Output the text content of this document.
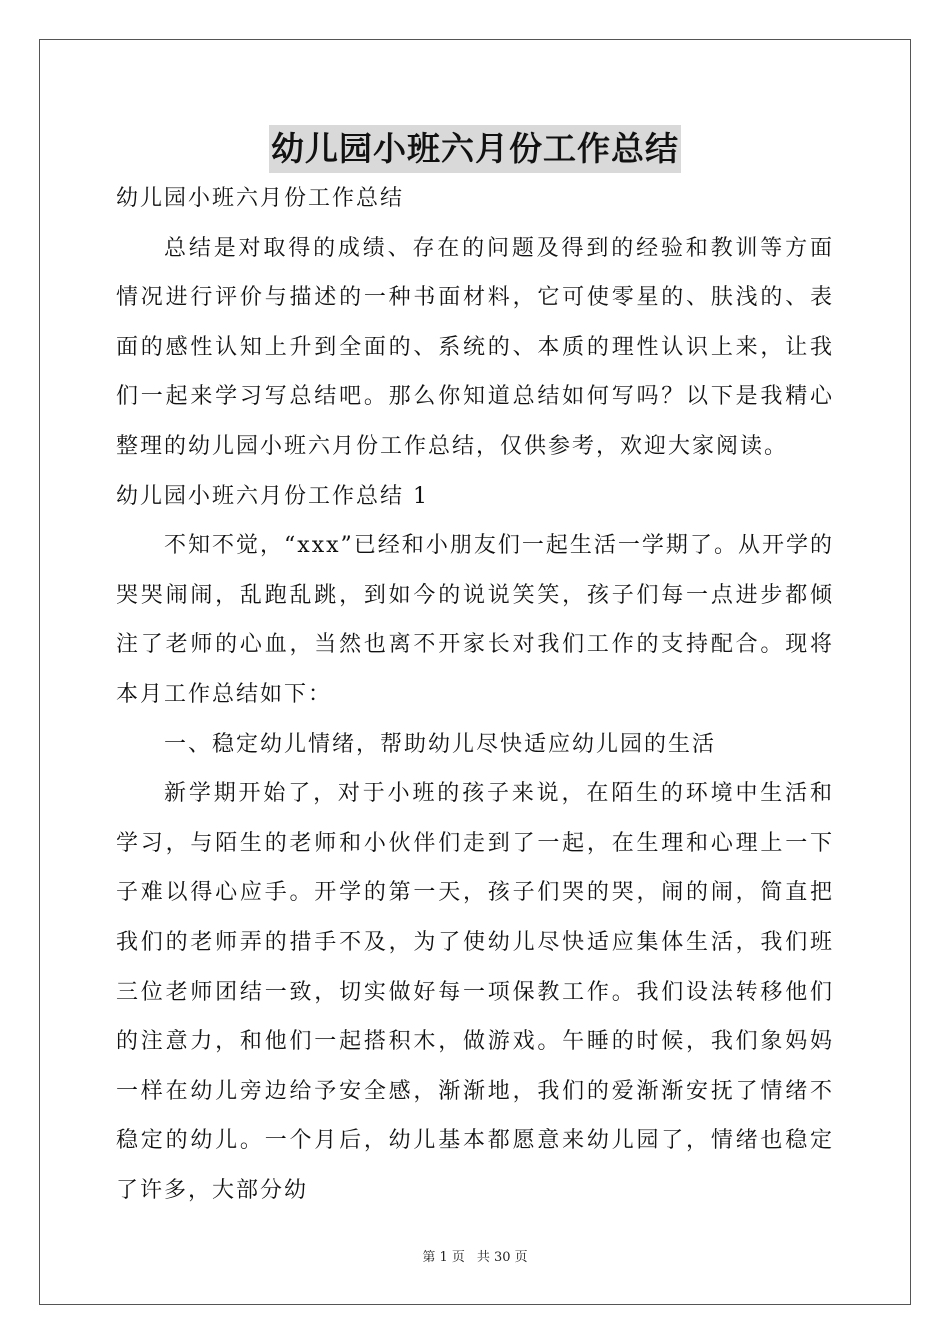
幼儿园小班六月份工作总结

幼儿园小班六月份工作总结

总结是对取得的成绩、存在的问题及得到的经验和教训等方面情况进行评价与描述的一种书面材料，它可使零星的、肤浅的、表面的感性认知上升到全面的、系统的、本质的理性认识上来，让我们一起来学习写总结吧。那么你知道总结如何写吗？以下是我精心整理的幼儿园小班六月份工作总结，仅供参考，欢迎大家阅读。

幼儿园小班六月份工作总结 1

不知不觉，“xxx”已经和小朋友们一起生活一学期了。从开学的哭哭闹闹，乱跑乱跳，到如今的说说笑笑，孩子们每一点进步都倾注了老师的心血，当然也离不开家长对我们工作的支持配合。现将本月工作总结如下：

一、稳定幼儿情绪，帮助幼儿尽快适应幼儿园的生活

新学期开始了，对于小班的孩子来说，在陌生的环境中生活和学习，与陌生的老师和小伙伴们走到了一起，在生理和心理上一下子难以得心应手。开学的第一天，孩子们哭的哭，闹的闹，简直把我们的老师弄的措手不及，为了使幼儿尽快适应集体生活，我们班三位老师团结一致，切实做好每一项保教工作。我们设法转移他们的注意力，和他们一起搭积木，做游戏。午睡的时候，我们象妈妈一样在幼儿旁边给予安全感，渐渐地，我们的爱渐渐安抚了情绪不稳定的幼儿。一个月后，幼儿基本都愿意来幼儿园了，情绪也稳定了许多，大部分幼

第 1 页 共 30 页
